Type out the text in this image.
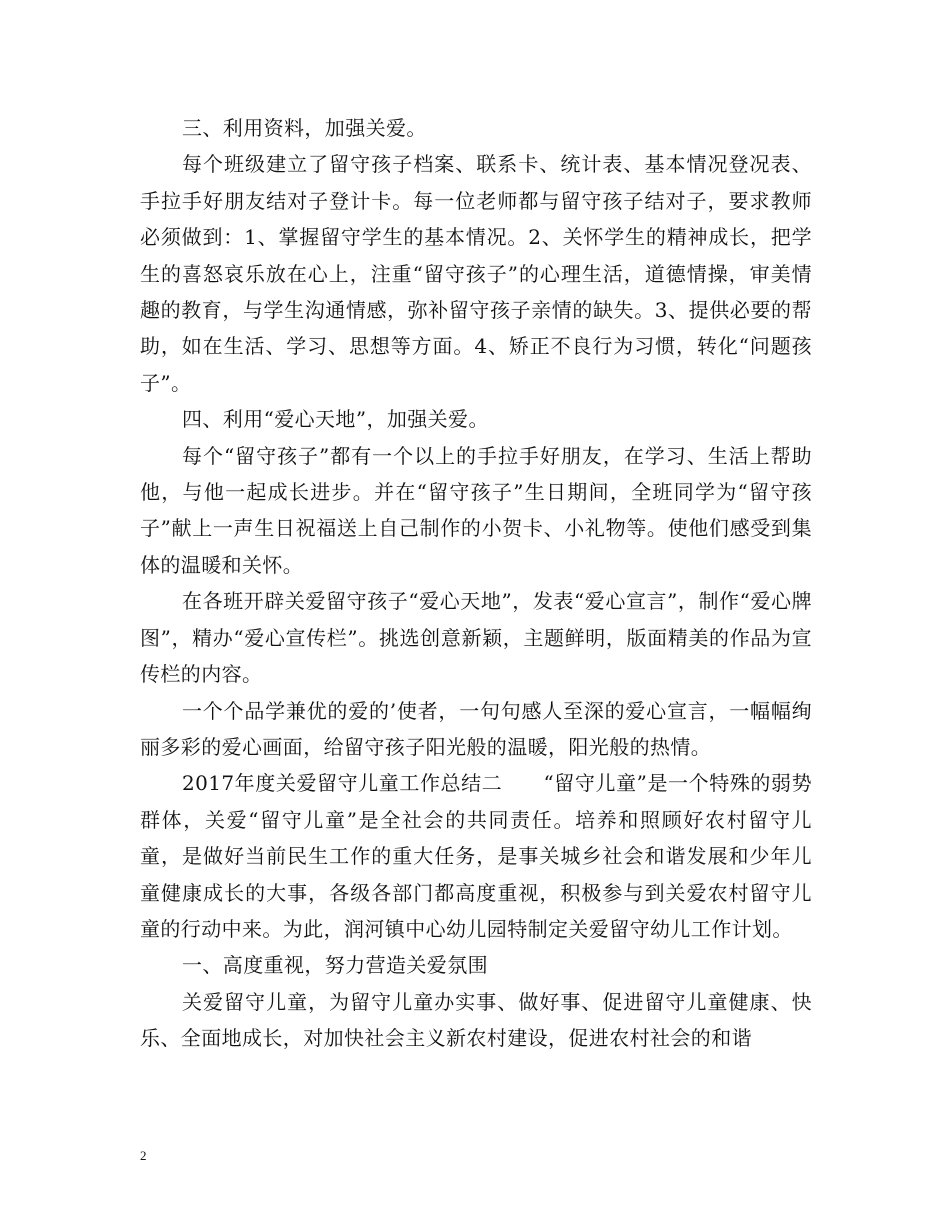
三、利用资料，加强关爱。

每个班级建立了留守孩子档案、联系卡、统计表、基本情况登况表、手拉手好朋友结对子登计卡。每一位老师都与留守孩子结对子，要求教师必须做到：1、掌握留守学生的基本情况。2、关怀学生的精神成长，把学生的喜怒哀乐放在心上，注重“留守孩子”的心理生活，道德情操，审美情趣的教育，与学生沟通情感，弥补留守孩子亲情的缺失。3、提供必要的帮助，如在生活、学习、思想等方面。4、矫正不良行为习惯，转化“问题孩子”。

四、利用“爱心天地”，加强关爱。

每个“留守孩子”都有一个以上的手拉手好朋友，在学习、生活上帮助他，与他一起成长进步。并在“留守孩子”生日期间，全班同学为“留守孩子”献上一声生日祝福送上自己制作的小贺卡、小礼物等。使他们感受到集体的温暖和关怀。

在各班开辟关爱留守孩子“爱心天地”，发表“爱心宣言”，制作“爱心牌图”，精办“爱心宣传栏”。挑选创意新颖，主题鲜明，版面精美的作品为宣传栏的内容。

一个个品学兼优的爱的’使者，一句句感人至深的爱心宣言，一幅幅绚丽多彩的爱心画面，给留守孩子阳光般的温暖，阳光般的热情。

2017年度关爱留守儿童工作总结二　　“留守儿童”是一个特殊的弱势群体，关爱“留守儿童”是全社会的共同责任。培养和照顾好农村留守儿童，是做好当前民生工作的重大任务，是事关城乡社会和谐发展和少年儿童健康成长的大事，各级各部门都高度重视，积极参与到关爱农村留守儿童的行动中来。为此，润河镇中心幼儿园特制定关爱留守幼儿工作计划。

一、高度重视，努力营造关爱氛围

关爱留守儿童，为留守儿童办实事、做好事、促进留守儿童健康、快乐、全面地成长，对加快社会主义新农村建设，促进农村社会的和谐

2
